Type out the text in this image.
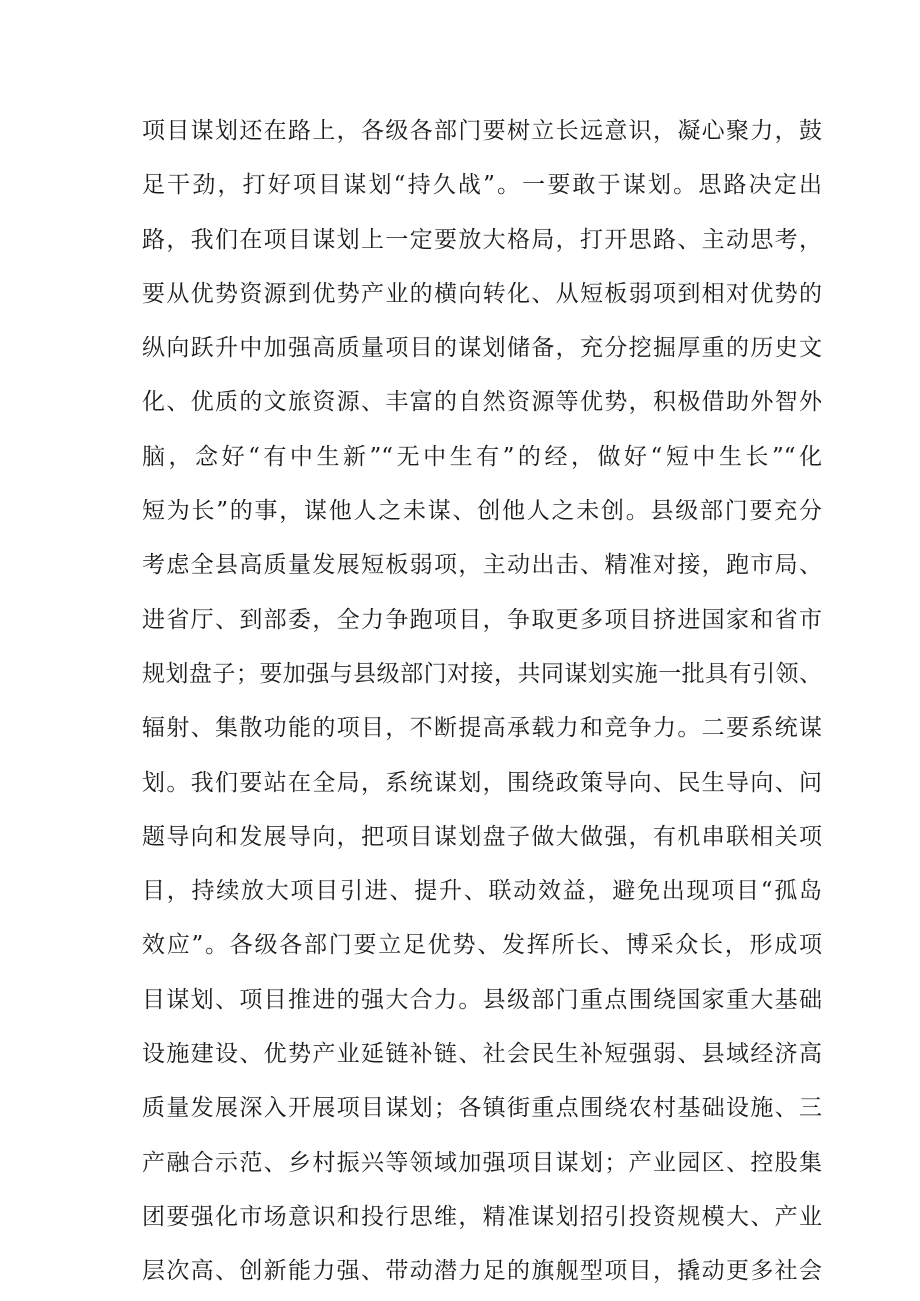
项目谋划还在路上，各级各部门要树立长远意识，凝心聚力，鼓
足干劲，打好项目谋划“持久战”。一要敢于谋划。思路决定出
路，我们在项目谋划上一定要放大格局，打开思路、主动思考，
要从优势资源到优势产业的横向转化、从短板弱项到相对优势的
纵向跃升中加强高质量项目的谋划储备，充分挖掘厚重的历史文
化、优质的文旅资源、丰富的自然资源等优势，积极借助外智外
脑，念好“有中生新”“无中生有”的经，做好“短中生长”“化
短为长”的事，谋他人之未谋、创他人之未创。县级部门要充分
考虑全县高质量发展短板弱项，主动出击、精准对接，跑市局、
进省厅、到部委，全力争跑项目，争取更多项目挤进国家和省市
规划盘子；要加强与县级部门对接，共同谋划实施一批具有引领、
辐射、集散功能的项目，不断提高承载力和竞争力。二要系统谋
划。我们要站在全局，系统谋划，围绕政策导向、民生导向、问
题导向和发展导向，把项目谋划盘子做大做强，有机串联相关项
目，持续放大项目引进、提升、联动效益，避免出现项目“孤岛
效应”。各级各部门要立足优势、发挥所长、博采众长，形成项
目谋划、项目推进的强大合力。县级部门重点围绕国家重大基础
设施建设、优势产业延链补链、社会民生补短强弱、县域经济高
质量发展深入开展项目谋划；各镇街重点围绕农村基础设施、三
产融合示范、乡村振兴等领域加强项目谋划；产业园区、控股集
团要强化市场意识和投行思维，精准谋划招引投资规模大、产业
层次高、创新能力强、带动潜力足的旗舰型项目，撬动更多社会
